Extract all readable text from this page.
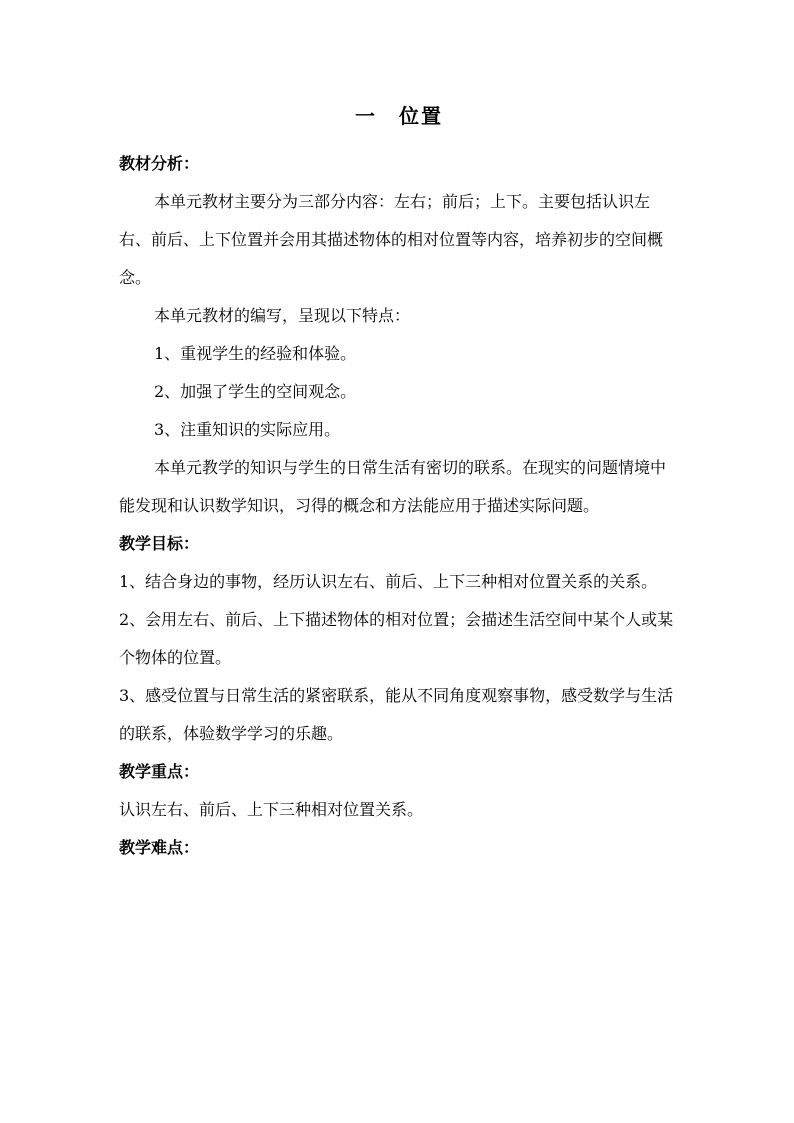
一　位置

教材分析：

本单元教材主要分为三部分内容：左右；前后；上下。主要包括认识左右、前后、上下位置并会用其描述物体的相对位置等内容，培养初步的空间概念。

本单元教材的编写，呈现以下特点：

1、重视学生的经验和体验。

2、加强了学生的空间观念。

3、注重知识的实际应用。

本单元教学的知识与学生的日常生活有密切的联系。在现实的问题情境中能发现和认识数学知识，习得的概念和方法能应用于描述实际问题。

教学目标：

1、结合身边的事物，经历认识左右、前后、上下三种相对位置关系的关系。

2、会用左右、前后、上下描述物体的相对位置；会描述生活空间中某个人或某个物体的位置。

3、感受位置与日常生活的紧密联系，能从不同角度观察事物，感受数学与生活的联系，体验数学学习的乐趣。

教学重点：

认识左右、前后、上下三种相对位置关系。

教学难点：
